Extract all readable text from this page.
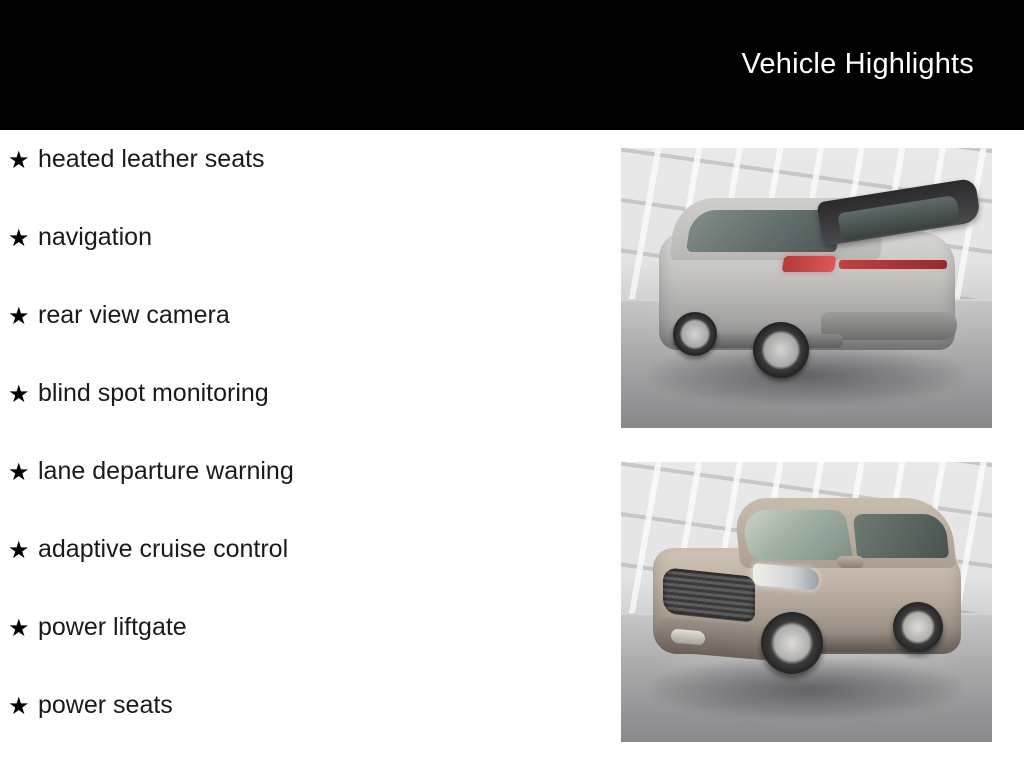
Vehicle Highlights
★ heated leather seats
★ navigation
★ rear view camera
★ blind spot monitoring
★ lane departure warning
★ adaptive cruise control
★ power liftgate
★ power seats
